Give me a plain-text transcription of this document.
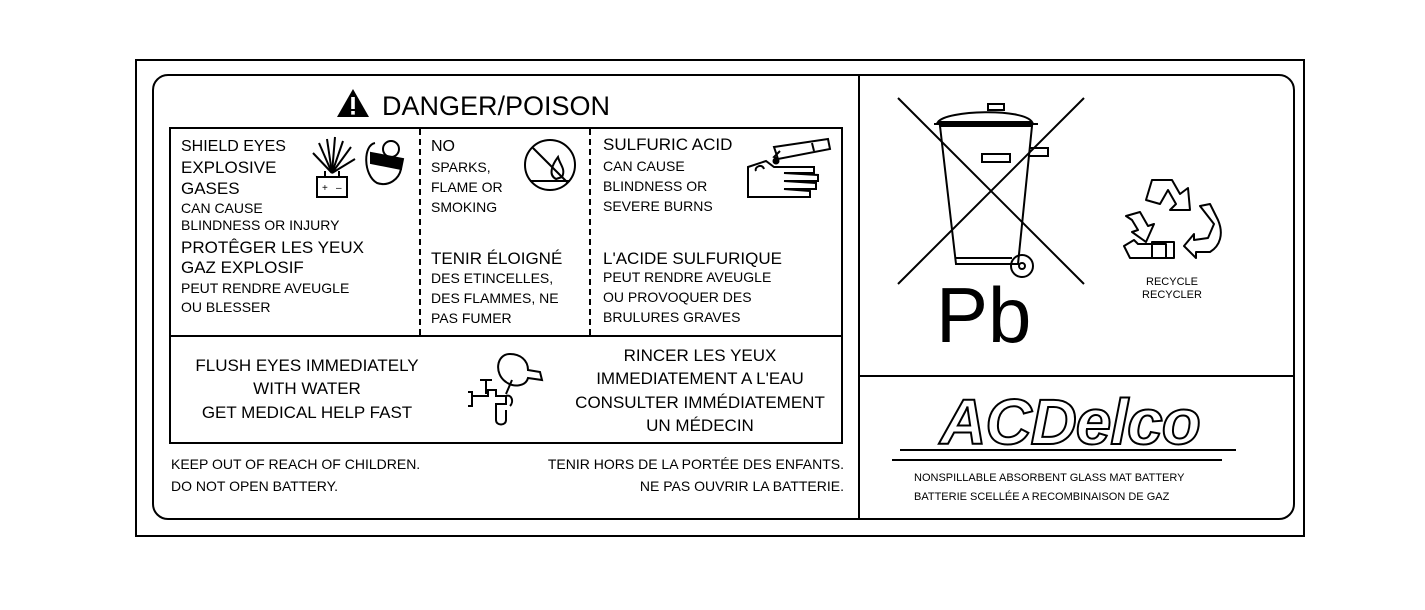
DANGER/POISON
SHIELD EYES
EXPLOSIVE
GASES
CAN CAUSE
BLINDNESS OR INJURY
PROTÊGER LES YEUX
GAZ EXPLOSIF
PEUT RENDRE AVEUGLE
OU BLESSER
+ –
NO
SPARKS,
FLAME OR
SMOKING
TENIR ÉLOIGNÉ
DES ETINCELLES,
DES FLAMMES, NE
PAS FUMER
SULFURIC ACID
CAN CAUSE
BLINDNESS OR
SEVERE BURNS
L'ACIDE SULFURIQUE
PEUT RENDRE AVEUGLE
OU PROVOQUER DES
BRULURES GRAVES
FLUSH EYES IMMEDIATELY
WITH WATER
GET MEDICAL HELP FAST
RINCER LES YEUX
IMMEDIATEMENT A L'EAU
CONSULTER IMMÉDIATEMENT
UN MÉDECIN
KEEP OUT OF REACH OF CHILDREN.
DO NOT OPEN BATTERY.
TENIR HORS DE LA PORTÉE DES ENFANTS.
NE PAS OUVRIR LA BATTERIE.
Pb	RECYCLE
RECYCLER
ACDelco
NONSPILLABLE ABSORBENT GLASS MAT BATTERY
BATTERIE SCELLÉE A RECOMBINAISON DE GAZ
